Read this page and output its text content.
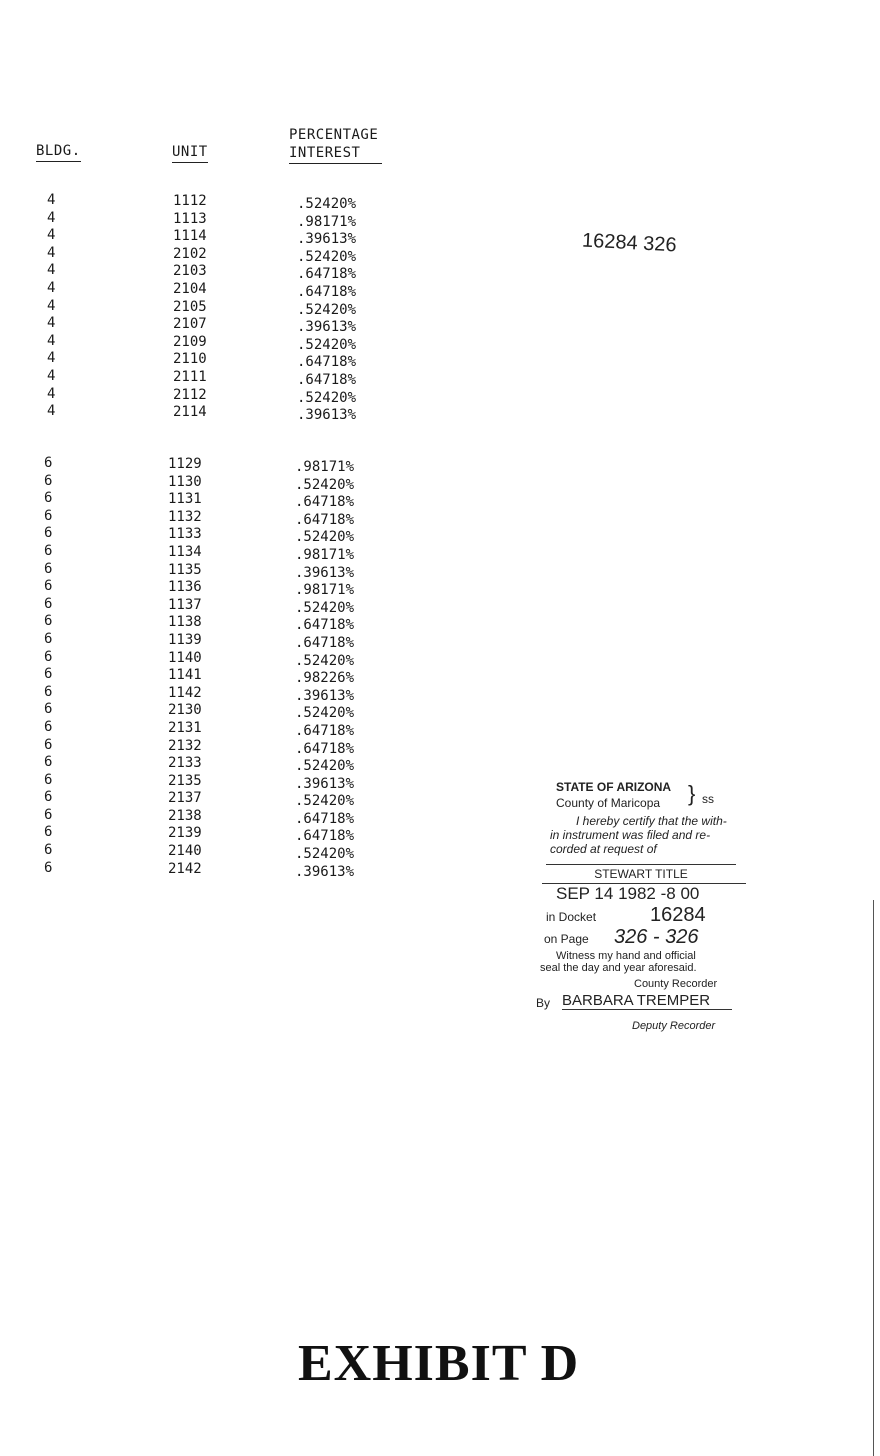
BLDG.	UNIT
PERCENTAGE
INTEREST
4
4
4
4
4
4
4
4
4
4
4
4
4
1112
1113
1114
2102
2103
2104
2105
2107
2109
2110
2111
2112
2114
.52420%
.98171%
.39613%
.52420%
.64718%
.64718%
.52420%
.39613%
.52420%
.64718%
.64718%
.52420%
.39613%
6
6
6
6
6
6
6
6
6
6
6
6
6
6
6
6
6
6
6
6
6
6
6
6
1129
1130
1131
1132
1133
1134
1135
1136
1137
1138
1139
1140
1141
1142
2130
2131
2132
2133
2135
2137
2138
2139
2140
2142
.98171%
.52420%
.64718%
.64718%
.52420%
.98171%
.39613%
.98171%
.52420%
.64718%
.64718%
.52420%
.98226%
.39613%
.52420%
.64718%
.64718%
.52420%
.39613%
.52420%
.64718%
.64718%
.52420%
.39613%
16284 326
STATE OF ARIZONA
County of Maricopa } ss
I hereby certify that the with-
in instrument was filed and re-
corded at request of
STEWART TITLE
SEP 14 1982 -8 00
in Docket	16284
on Page 326 - 326
Witness my hand and official
seal the day and year aforesaid.
County Recorder
By BARBARA TREMPER
Deputy Recorder
EXHIBIT D
